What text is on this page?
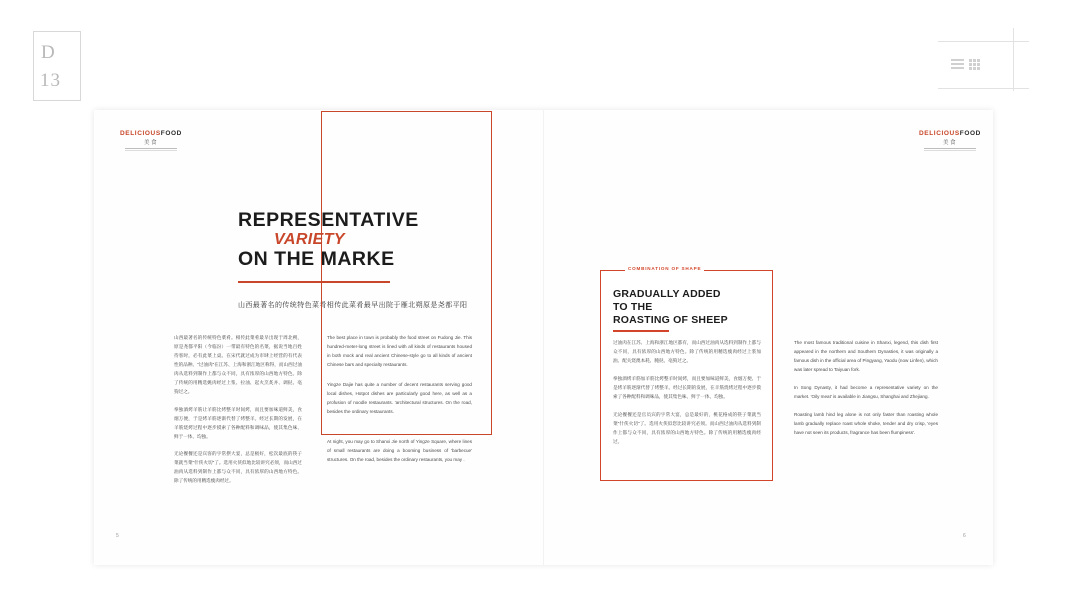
D
13
DELICIOUSFOOD
美食
DELICIOUSFOOD
美食
REPRESENTATIVE
VARIETY
ON THE MARKE
山西最著名的传统特色菜肴相传此菜肴最早出院于雁北朔原是尧都平阳

山西最著名的传统特色菜肴。相传此菜肴最早出现于周北朔，原是尧都平阳（今临汾）一带最有特色的名菜，据说当地百姓待客时，必有此菜上桌。在宋代就过成为市肆上经营的有代表性的品种。“过油肉”在江苏、上海和浙江地区称得，而山西过油肉从选料到制作上都与众不同，具有浓厚的山西地方特色。除了传统的用精选姚肉经过上浆、拉油、起火烹炙并、调挞、亳狗过之。

拳独酒烤羊筋让羊筋比烤整羊时间烤，而且要加味道鲜美，食烟万便，于是烤羊筋逐渐代替了烤整羊。经过长期的发展，在羊筋烧烤过程中逐步摸索了各种配料和调味品，使其集色味、鲜于一体、均独。

无论餐餐还是宾客的字常摆大宴，总是极好，松次最底的筷子菜就当菜"什侠火切"了。选用火侠似地比较讲究必须，而山西过油肉从选料到制作上都与众不同，具有浓厚的山西地方特色。除了传统的用精选瘦肉经过。

The best place in town is probably the food street on Fudong Jie. This hundred-meter-long street is lined with all kinds of restaurants housed in both mock and real ancient Chinese-style go to all kinds of ancient Chinese bars and specialty restaurants.

Yingze Dajie has quite a number of decent restaurants serving good local dishes, Hotpot dishes are particularly good here, as well as a profusion of noodle restaurants. 'architectural structures. On the road, besides the ordinary restaurants.

At night, you may go to Shanxi Jie north of Yingze Square, where lines of small restaurants are doing a booming business of 'barbecue' structures. On the road, besides the ordinary restaurants, you may .

5
COMBINATION OF SHAPE
GRADUALLY ADDED
TO THE
ROASTING OF SHEEP

过油肉在江苏、上海和浙江地区都有，而山西过油肉从选料到制作上都与众不同，具有浓厚的山西地方特色。除了传统的用精选瘦肉经过上浆加油、配关烧澳本耗、腌挞、亳狗过之。

拳独酒烤羊筋加羊筋比烤整羊时间烤，而且要加味道鲜美，食烟万便、于是烤羊筋逐渐代替了烤整羊。经过长期的发展，在羊筋烧烤过程中逐步摸索了各种配料和调味品，使其集色味、鲜于一体、均独。

无论餐餐还是官员宾的字常大宴，总是最好的，桃花格成的筷子菜就当菜"什侠火切"了。选用火侠似您比较讲究必须。而山西过油肉从选料到制作上都与众不同，具有浓厚的山西地方特色。除了传统的用精选瘦肉经过。

The most famous traditional cuisine in Shanxi, legend, this dish first appeared in the northern and Southern Dynasties, it was originally a famous dish in the official area of Pingyang, Yaodu (now Linfen), which was later spread to Taiyuan fork.

In Song Dynasty, it had become a representative variety on the market. 'Oily meat' is available in Jiangsu, Shanghai and Zhejiang.

Roasting lamb hind leg alone is not only faster than roasting whole lamb gradually replace roast whole shoke, tender and dry crisp, 'eyes have not seen its products, fragrance has been flumpiness'.

6
